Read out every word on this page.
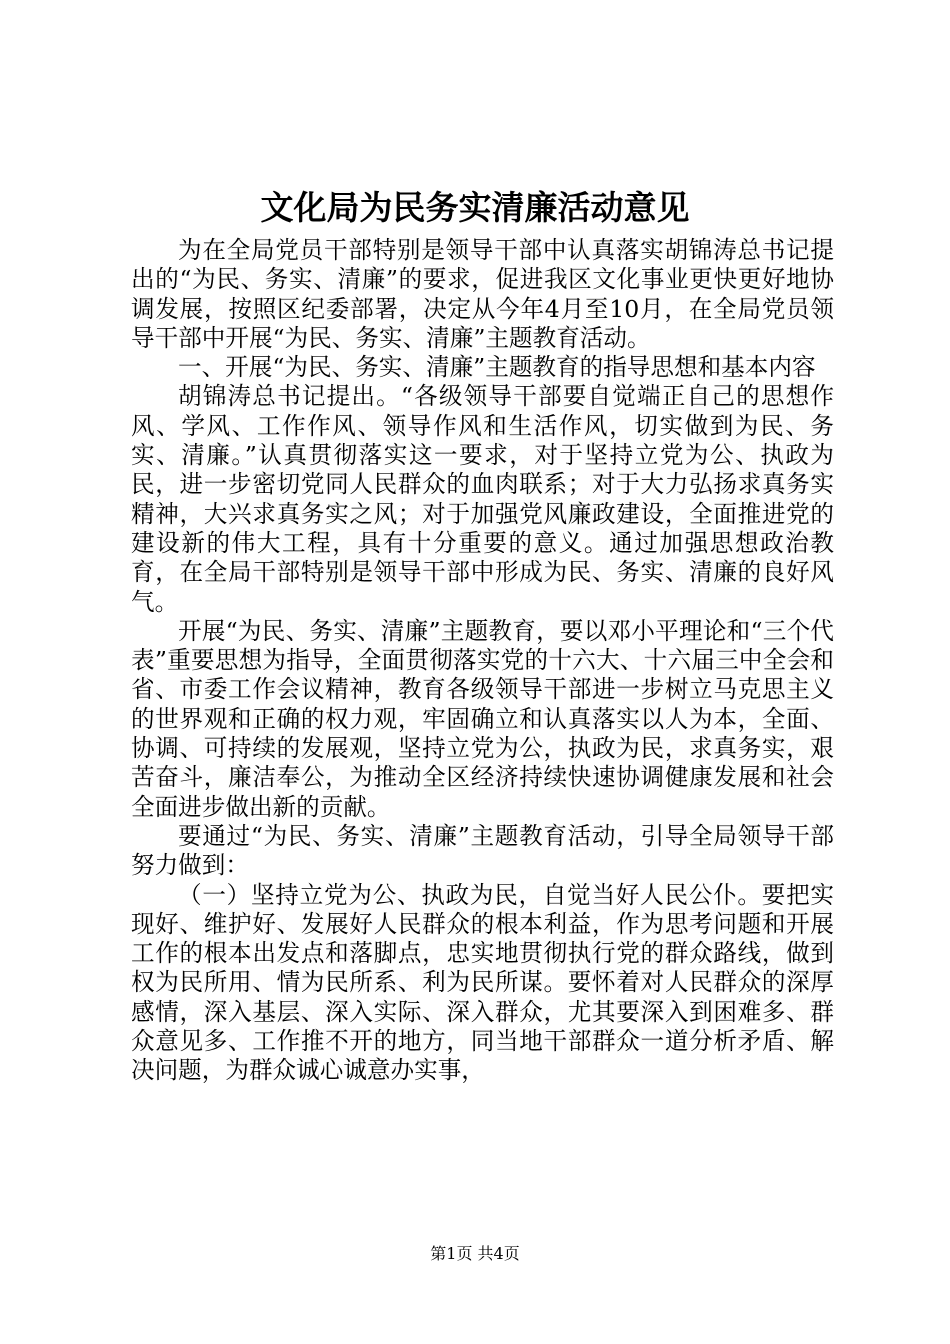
文化局为民务实清廉活动意见

为在全局党员干部特别是领导干部中认真落实胡锦涛总书记提出的“为民、务实、清廉”的要求，促进我区文化事业更快更好地协调发展，按照区纪委部署，决定从今年4月至10月，在全局党员领导干部中开展“为民、务实、清廉”主题教育活动。

一、开展“为民、务实、清廉”主题教育的指导思想和基本内容

胡锦涛总书记提出。“各级领导干部要自觉端正自己的思想作风、学风、工作作风、领导作风和生活作风，切实做到为民、务实、清廉。”认真贯彻落实这一要求，对于坚持立党为公、执政为民，进一步密切党同人民群众的血肉联系；对于大力弘扬求真务实精神，大兴求真务实之风；对于加强党风廉政建设，全面推进党的建设新的伟大工程，具有十分重要的意义。通过加强思想政治教育，在全局干部特别是领导干部中形成为民、务实、清廉的良好风气。

开展“为民、务实、清廉”主题教育，要以邓小平理论和“三个代表”重要思想为指导，全面贯彻落实党的十六大、十六届三中全会和省、市委工作会议精神，教育各级领导干部进一步树立马克思主义的世界观和正确的权力观，牢固确立和认真落实以人为本，全面、协调、可持续的发展观，坚持立党为公，执政为民，求真务实，艰苦奋斗，廉洁奉公，为推动全区经济持续快速协调健康发展和社会全面进步做出新的贡献。

要通过“为民、务实、清廉”主题教育活动，引导全局领导干部努力做到：

（一）坚持立党为公、执政为民，自觉当好人民公仆。要把实现好、维护好、发展好人民群众的根本利益，作为思考问题和开展工作的根本出发点和落脚点，忠实地贯彻执行党的群众路线，做到权为民所用、情为民所系、利为民所谋。要怀着对人民群众的深厚感情，深入基层、深入实际、深入群众，尤其要深入到困难多、群众意见多、工作推不开的地方，同当地干部群众一道分析矛盾、解决问题，为群众诚心诚意办实事，

第1页 共4页
